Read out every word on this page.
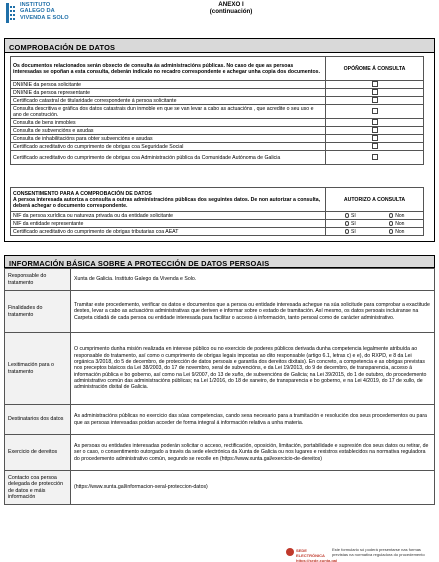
INSTITUTO
GALEGO DA
VIVENDA E SOLO
ANEXO I
(continuación)
COMPROBACIÓN DE DATOS
Os documentos relacionados serán obxecto de consulta ás administracións públicas. No caso de que as persoas interesadas se opoñan a esta consulta, deberán indicalo no recadro correspondente e achegar unha copia dos documentos.	OPÓÑOME Á CONSULTA
DNI/NIE da persoa solicitante	
DNI/NIE da persoa representante	
Certificado catastral de titularidade correspondente á persoa solicitante	
Consulta descritiva e gráfica dos datos catastrais dun inmoble en que se van levar a cabo as actuacións , que acredite o seu uso e ano de construción.	
Consulta de bens inmobles	
Consulta de subvencións e axudas	
Consulta de inhabilitacións para obter subvencións e axudas	
Certificado acreditativo do cumprimento de obrigas coa Seguridade Social	
Certificado acreditativo do cumprimento de obrigas coa Administración pública da Comunidade Autónoma de Galicia	
CONSENTIMENTO PARA A COMPROBACIÓN DE DATOS
A persoa interesada autoriza a consulta a outras administracións públicas dos seguintes datos. De non autorizar a consulta, deberá achegar o documento correspondente.	AUTORIZO A CONSULTA
NIF da persoa xurídica ou natureza privada ou da entidade solicitante	SI Non

NIF da entidade representante	SI Non

Certificado acreditativo do cumprimento de obrigas tributarias coa AEAT	SI Non
INFORMACIÓN BÁSICA SOBRE A PROTECCIÓN DE DATOS PERSOAIS
Responsable do tratamento	Xunta de Galicia. Instituto Galego da Vivenda e Solo.
Finalidades do tratamento	Tramitar este procedemento, verificar os datos e documentos que a persoa ou entidade interesada achegue na súa solicitude para comprobar a exactitude destes, levar a cabo as actuacións administrativas que deriven e informar sobre o estado de tramitación. Así mesmo, os datos persoais incluiranse na Carpeta cidadá de cada persoa ou entidade interesada para facilitar o acceso á información, tanto persoal como de carácter administrativo.
Lexitimación para o tratamento	O cumprimento dunha misión realizada en interese público ou no exercicio de poderes públicos derivada dunha competencia legalmente atribuída ao responsable do tratamento, así como o cumprimento de obrigas legais impostas ao dito responsable (artigo 6.1, letras c) e e), do RXPD, e 8 da Lei orgánica 3/2018, do 5 de decembro, de protección de datos persoais e garantía dos dereitos dixitais). En concreto, a competencia e as obrigas previstas nos preceptos básicos da Lei 38/2003, do 17 de novembro, xeral de subvencións, e da Lei 19/2013, do 9 de decembro, de transparencia, acceso á información pública e bo goberno, así como na Lei 9/2007, do 13 de xuño, de subvencións de Galicia; na Lei 39/2015, do 1 de outubro, do procedemento administrativo común das administracións públicas; na Lei 1/2016, do 18 de xaneiro, de transparencia e bo goberno, e na Lei 4/2019, do 17 de xullo, de administración dixital de Galicia.
Destinatarios dos datos	As administracións públicas no exercicio das súas competencias, cando sexa necesario para a tramitación e resolución dos seus procedementos ou para que as persoas interesadas poidan acceder de forma integral á información relativa a unha materia.
Exercicio de dereitos	As persoas ou entidades interesadas poderán solicitar o acceso, rectificación, oposición, limitación, portabilidade e supresión dos seus datos ou retirar, de ser o caso, o consentimento outorgado a través da sede electrónica da Xunta de Galicia ou nos lugares e rexistros establecidos na normativa reguladora do procedemento administrativo común, segundo se recolle en (https://www.xunta.gal/exercicio-de-dereitos)
Contacto coa persoa delegada de protección de datos e máis información	(https://www.xunta.gal/informacion-xeral-proteccion-datos)
SEDE ELECTRÓNICA
https://sede.xunta.gal
Este formulario só poderá presentarse nas formas previstas na normativa reguladora do procedemento
